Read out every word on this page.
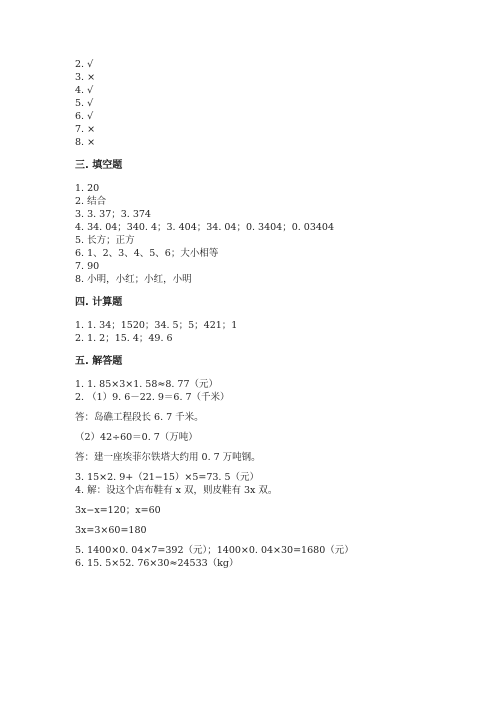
2. √
3. ×
4. √
5. √
6. √
7. ×
8. ×
三. 填空题
1. 20
2. 结合
3. 3. 37；3. 374
4. 34. 04；340. 4；3. 404；34. 04；0. 3404；0. 03404
5. 长方；正方
6. 1、2、3、4、5、6；大小相等
7. 90
8. 小明，小红；小红，小明
四. 计算题
1. 1. 34；1520；34. 5；5；421；1
2. 1. 2；15. 4；49. 6
五. 解答题
1. 1. 85×3×1. 58≈8. 77（元）
2. （1）9. 6－22. 9＝6. 7（千米）
答：岛礁工程段长 6. 7 千米。
（2）42÷60＝0. 7（万吨）
答：建一座埃菲尔铁塔大约用 0. 7 万吨钢。
3. 15×2. 9+（21−15）×5=73. 5（元）
4. 解：设这个店布鞋有 x 双，则皮鞋有 3x 双。
3x−x=120；x=60
3x=3×60=180
5. 1400×0. 04×7=392（元）；1400×0. 04×30=1680（元）
6. 15. 5×52. 76×30≈24533（kg）
